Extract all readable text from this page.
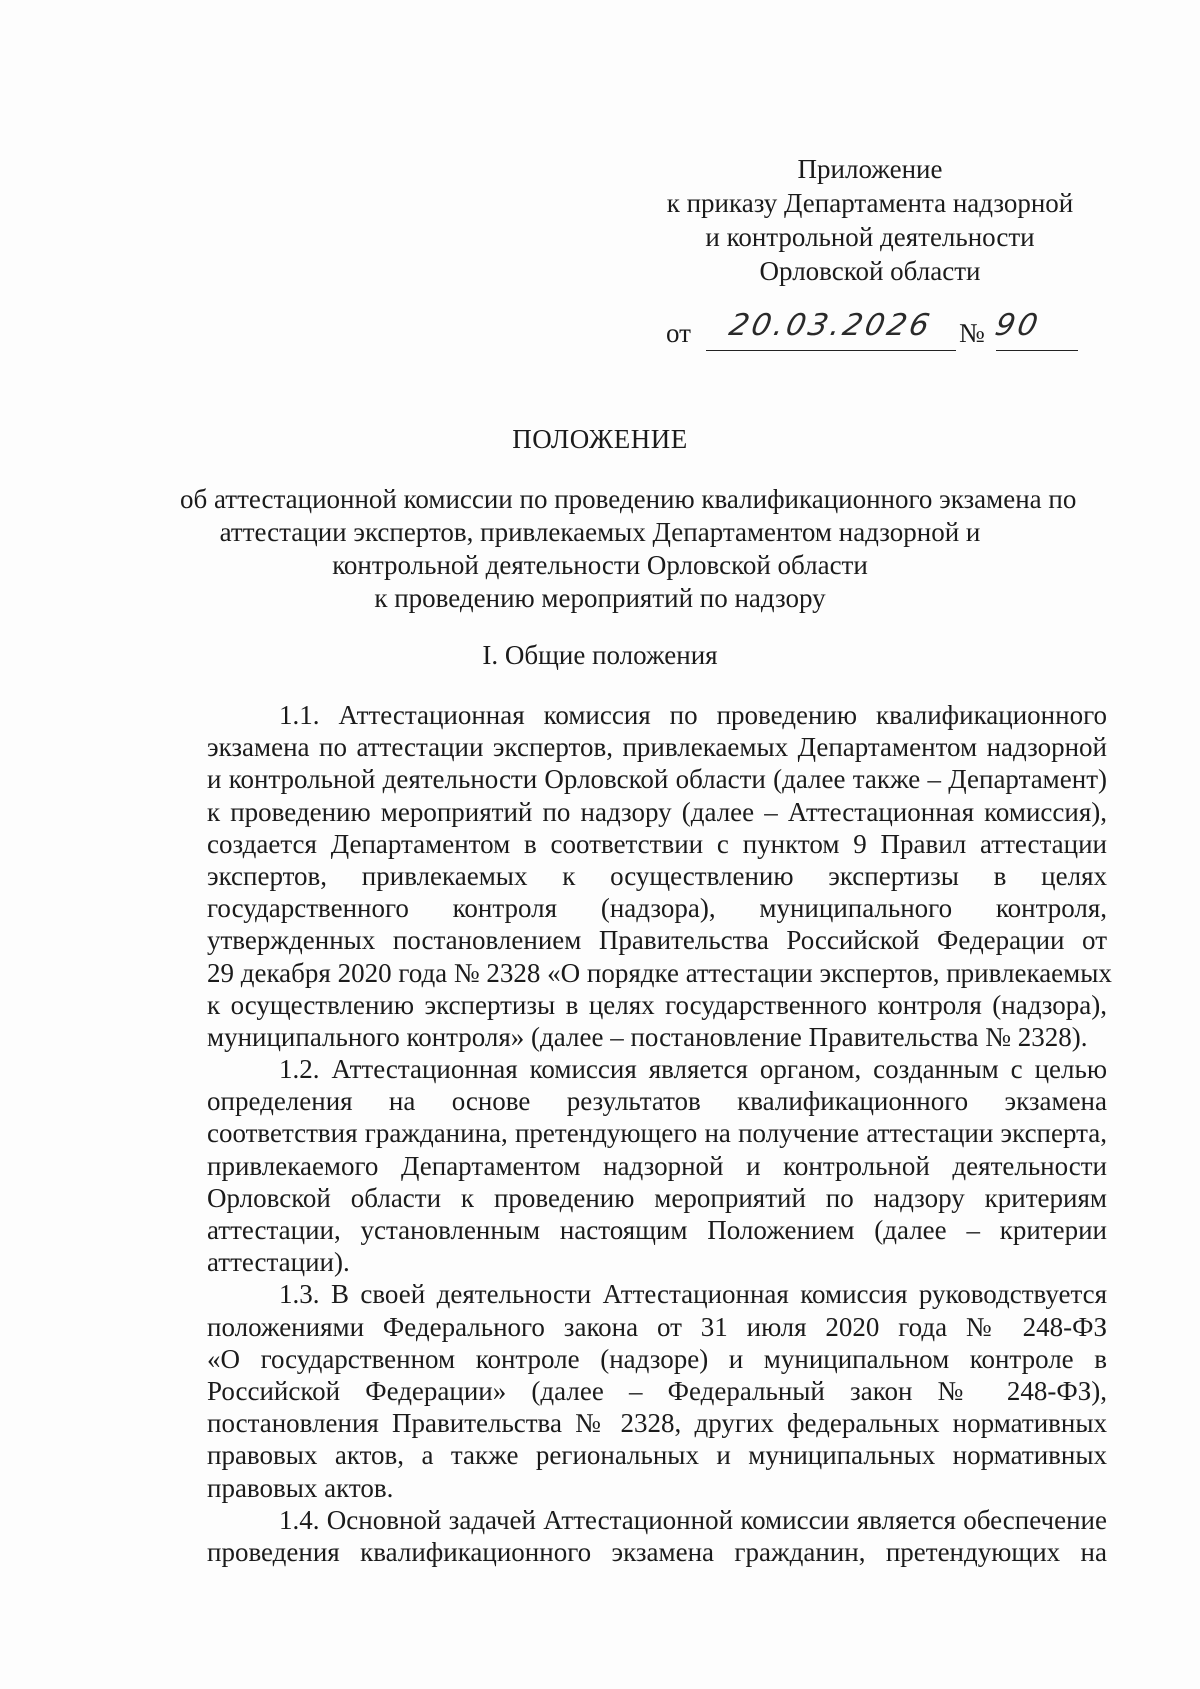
Приложение
к приказу Департамента надзорной
и контрольной деятельности
Орловской области
от	20.03.2026 № 90
ПОЛОЖЕНИЕ
об аттестационной комиссии по проведению квалификационного экзамена по
аттестации экспертов, привлекаемых Департаментом надзорной и
контрольной деятельности Орловской области
к проведению мероприятий по надзору
I. Общие положения
1.1. Аттестационная комиссия по проведению квалификационного
экзамена по аттестации экспертов, привлекаемых Департаментом надзорной
и контрольной деятельности Орловской области (далее также – Департамент)
к проведению мероприятий по надзору (далее – Аттестационная комиссия),
создается Департаментом в соответствии с пунктом 9 Правил аттестации
экспертов, привлекаемых к осуществлению экспертизы в целях
государственного контроля (надзора), муниципального контроля,
утвержденных постановлением Правительства Российской Федерации от
29 декабря 2020 года № 2328 «О порядке аттестации экспертов, привлекаемых
к осуществлению экспертизы в целях государственного контроля (надзора),
муниципального контроля» (далее – постановление Правительства № 2328).
1.2. Аттестационная комиссия является органом, созданным с целью
определения на основе результатов квалификационного экзамена
соответствия гражданина, претендующего на получение аттестации эксперта,
привлекаемого Департаментом надзорной и контрольной деятельности
Орловской области к проведению мероприятий по надзору критериям
аттестации, установленным настоящим Положением (далее – критерии
аттестации).
1.3. В своей деятельности Аттестационная комиссия руководствуется
положениями Федерального закона от 31 июля 2020 года № 248-ФЗ
«О государственном контроле (надзоре) и муниципальном контроле в
Российской Федерации» (далее – Федеральный закон № 248-ФЗ),
постановления Правительства № 2328, других федеральных нормативных
правовых актов, а также региональных и муниципальных нормативных
правовых актов.
1.4. Основной задачей Аттестационной комиссии является обеспечение
проведения квалификационного экзамена гражданин, претендующих на
